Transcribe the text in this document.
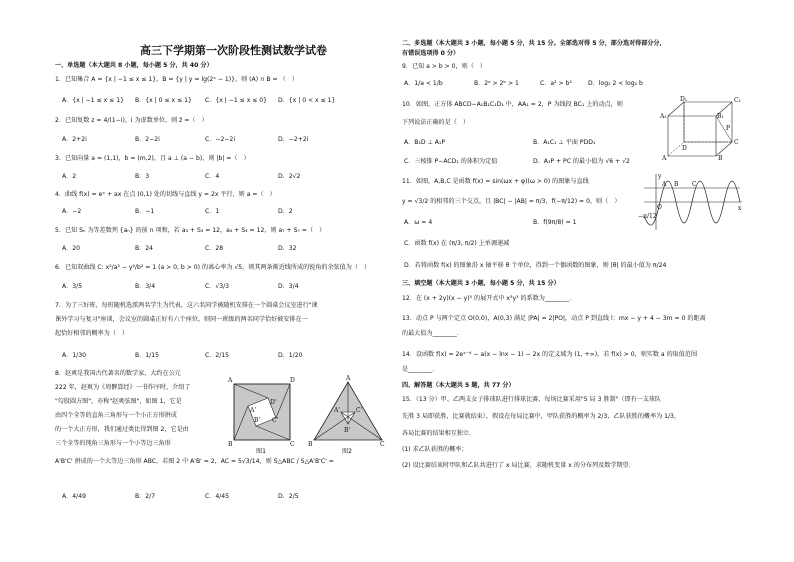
高三下学期第一次阶段性测试数学试卷
一、单选题（本大题共 8 小题，每小题 5 分，共 40 分）
1．已知集合 A = {x | −1 ≤ x ≤ 1}，B = {y | y = lg(2ˣ − 1)}，则 (A) ∩ B = （　）
A．{x | −1 ≤ x ≤ 1} B．{x | 0 ≤ x ≤ 1} C．{x | −1 ≤ x ≤ 0} D．{x | 0 < x ≤ 1}
2．已知复数 z = 4/(1−i)，i 为虚数单位，则 z̄ =（　）
A．2+2i	B．2−2i	C．−2−2i	D．−2+2i
3．已知向量 a = (1,1)，b = (m,2)，且 a ⊥ (a − b)，则 |b| =（　）
A．2	B．3	C．4	D．2√2
4．曲线 f(x) = eˣ + ax 在点 (0,1) 处的切线与直线 y = 2x 平行，则 a =（　）
A．−2	B．−1	C．1	D．2
5．已知 Sₙ 为等差数列 {aₙ} 的前 n 项和，若 a₃ + S₃ = 12，a₄ + S₄ = 12，则 a₇ + S₇ =（　）
A．20	B．24	C．28	D．32
6．已知双曲线 C: x²/a² − y²/b² = 1 (a > 0, b > 0) 的离心率为 √5，则其两条渐近线所成的锐角的余弦值为（　）
A．3/5	B．3/4	C．√3/3	D．3/4
7．为了三好班，每班随机选派两名学生为代表，这六名同学被随机安排在一个圆桌会议室进行"课
课外学习与复习"座谈，会议室的圆桌正好有六个座位，则同一班级的两名同学恰好被安排在一
起恰好相邻的概率为（　）
A．1/30	B．1/15	C．2/15	D．1/20
8．赵爽是我国古代著名的数学家，大约在公元
222 年，赵爽为《周髀算经》一书作序时，介绍了
"勾股圆方图"，亦称"赵爽弦图"，如图 1，它是
由四个全等的直角三角形与一个小正方形拼成
的一个大正方形，我们通过类比得到图 2，它是由
三个全等的钝角三角形与一个小等边三角形
A'B'C' 拼成的一个大等边三角形 ABC，若图 2 中 A'B' = 2，AC = 5√3/14，则 S△ABC / S△A'B'C' =
A．4/49	B．2/7	C．4/45	D．2/5
A	D
B	C
A'
D'
C'
B'
图1
A
B	C
A'	C'
B'
图2
二、多选题（本大题共 3 小题，每小题 5 分，共 15 分。全部选对得 5 分，部分选对得部分分，
有错误选项得 0 分）
9．已知 a > b > 0，则（　）
A．1/a < 1/b	B．2ᵃ > 2ᵇ > 1	C．a² > b²	D．log₂ 2 < log₂ b
10．如图，正方体 ABCD−A₁B₁C₁D₁ 中，AA₁ = 2，P 为线段 BC₁ 上的动点，则
下列说法正确的是（　）
A．B₁D ⊥ A₁P	B．A₁C₁ ⊥ 平面 PDD₁
C．三棱锥 P−ACD₁ 的体积为定值	D．A₁P + PC 的最小值为 √6 + √2
D₁	C₁
A₁	B₁
D
C
A	B
P
11．如图，A,B,C 是函数 f(x) = sin(ωx + φ)(ω > 0) 的图象与直线
y = √3/2 的相邻的三个交点，且 |BC| − |AB| = π/3，f(−π/12) = 0，则（　）
A．ω = 4	B．f(9π/8) = 1
C．函数 f(x) 在 (π/3, π/2) 上单调递减
D．若将函数 f(x) 的图象沿 x 轴平移 θ 个单位，得到一个偶函数的图象，则 |θ| 的最小值为 π/24
y
x
O
−π/12
A B C
三、填空题（本大题共 3 小题，每小题 5 分，共 15 分）
12．在 (x + 2y)(x − y)⁵ 的展开式中 x³y³ 的系数为________．
13．动点 P 与两个定点 O(0,0)，A(0,3) 满足 |PA| = 2|PO|，动点 P 到直线 l：mx − y + 4 − 3m = 0 的距离
的最大值为________．
14．设函数 f(x) = 2eˣ⁻⁴ − a(x − lnx − 1) − 2x 的定义域为 (1, +∞)，若 f(x) > 0，则实数 a 的取值范围
是________．
四、解答题（本大题共 5 题，共 77 分）
15．（13 分）甲、乙两支女子排球队进行排球比赛，每场比赛采用"5 局 3 胜制"（即有一支球队
先胜 3 局即获胜，比赛就结束），假设在每局比赛中，甲队获胜的概率为 2/3，乙队获胜的概率为 1/3，
各局比赛的结果相互独立．
(1) 求乙队获胜的概率；
(2) 设比赛结束时甲队和乙队共进行了 x 局比赛，求随机变量 x 的分布列及数学期望．
